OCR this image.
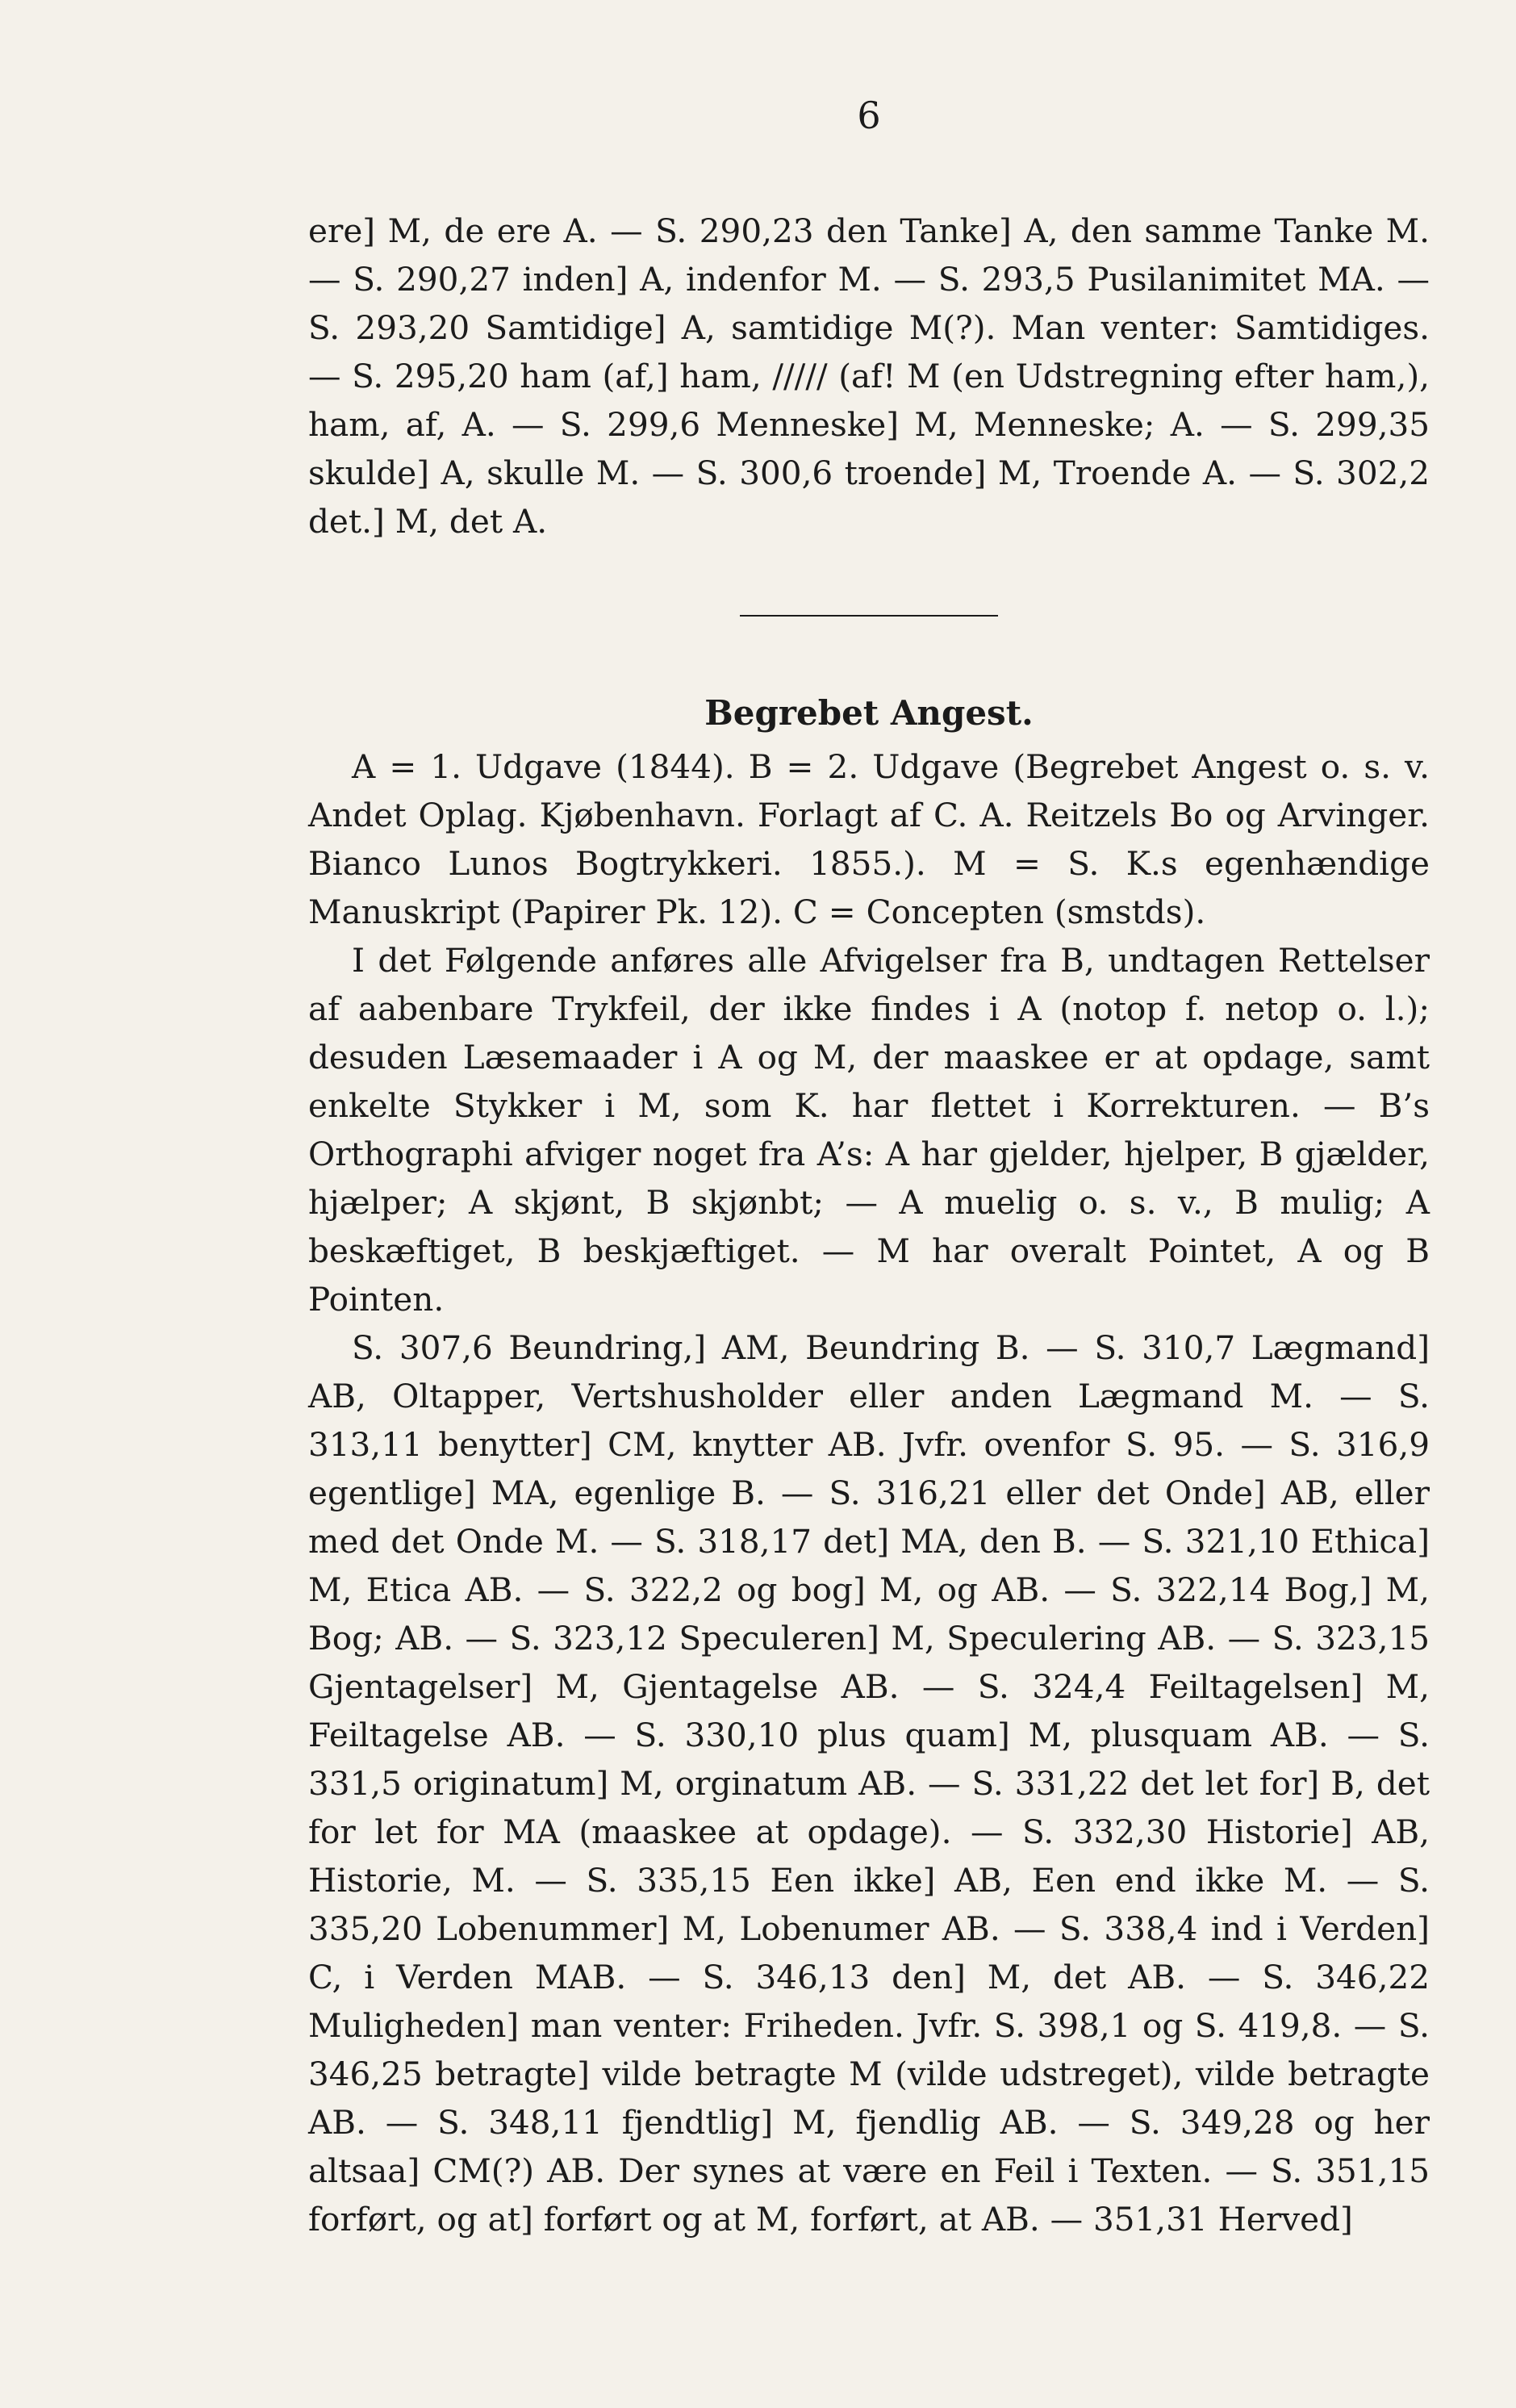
6

ere] M, de ere A. — S. 290,23 den Tanke] A, den samme Tanke M. — S. 290,27 inden] A, indenfor M. — S. 293,5 Pusilanimitet MA. — S. 293,20 Samtidige] A, samtidige M(?). Man venter: Samtidiges. — S. 295,20 ham (af,] ham, ///// (af! M (en Udstregning efter ham,), ham, af, A. — S. 299,6 Menneske] M, Menneske; A. — S. 299,35 skulde] A, skulle M. — S. 300,6 troende] M, Troende A. — S. 302,2 det.] M, det A.

Begrebet Angest.

A = 1. Udgave (1844). B = 2. Udgave (Begrebet Angest o. s. v. Andet Oplag. Kjøbenhavn. Forlagt af C. A. Reitzels Bo og Arvinger. Bianco Lunos Bogtrykkeri. 1855.). M = S. K.s egenhændige Manuskript (Papirer Pk. 12). C = Concepten (smstds).

I det Følgende anføres alle Afvigelser fra B, undtagen Rettelser af aabenbare Trykfeil, der ikke findes i A (notop f. netop o. l.); desuden Læsemaader i A og M, der maaskee er at opdage, samt enkelte Stykker i M, som K. har flettet i Korrekturen. — B’s Orthographi afviger noget fra A’s: A har gjelder, hjelper, B gjælder, hjælper; A skjønt, B skjønbt; — A muelig o. s. v., B mulig; A beskæftiget, B beskjæftiget. — M har overalt Pointet, A og B Pointen.

S. 307,6 Beundring,] AM, Beundring B. — S. 310,7 Lægmand] AB, Oltapper, Vertshusholder eller anden Lægmand M. — S. 313,11 benytter] CM, knytter AB. Jvfr. ovenfor S. 95. — S. 316,9 egentlige] MA, egenlige B. — S. 316,21 eller det Onde] AB, eller med det Onde M. — S. 318,17 det] MA, den B. — S. 321,10 Ethica] M, Etica AB. — S. 322,2 og bog] M, og AB. — S. 322,14 Bog,] M, Bog; AB. — S. 323,12 Speculeren] M, Speculering AB. — S. 323,15 Gjentagelser] M, Gjentagelse AB. — S. 324,4 Feiltagelsen] M, Feiltagelse AB. — S. 330,10 plus quam] M, plusquam AB. — S. 331,5 originatum] M, orginatum AB. — S. 331,22 det let for] B, det for let for MA (maaskee at opdage). — S. 332,30 Historie] AB, Historie, M. — S. 335,15 Een ikke] AB, Een end ikke M. — S. 335,20 Lobenummer] M, Lobenumer AB. — S. 338,4 ind i Verden] C, i Verden MAB. — S. 346,13 den] M, det AB. — S. 346,22 Muligheden] man venter: Friheden. Jvfr. S. 398,1 og S. 419,8. — S. 346,25 betragte] vilde betragte M (vilde udstreget), vilde betragte AB. — S. 348,11 fjendtlig] M, fjendlig AB. — S. 349,28 og her altsaa] CM(?) AB. Der synes at være en Feil i Texten. — S. 351,15 forført, og at] forført og at M, forført, at AB. — 351,31 Herved]
